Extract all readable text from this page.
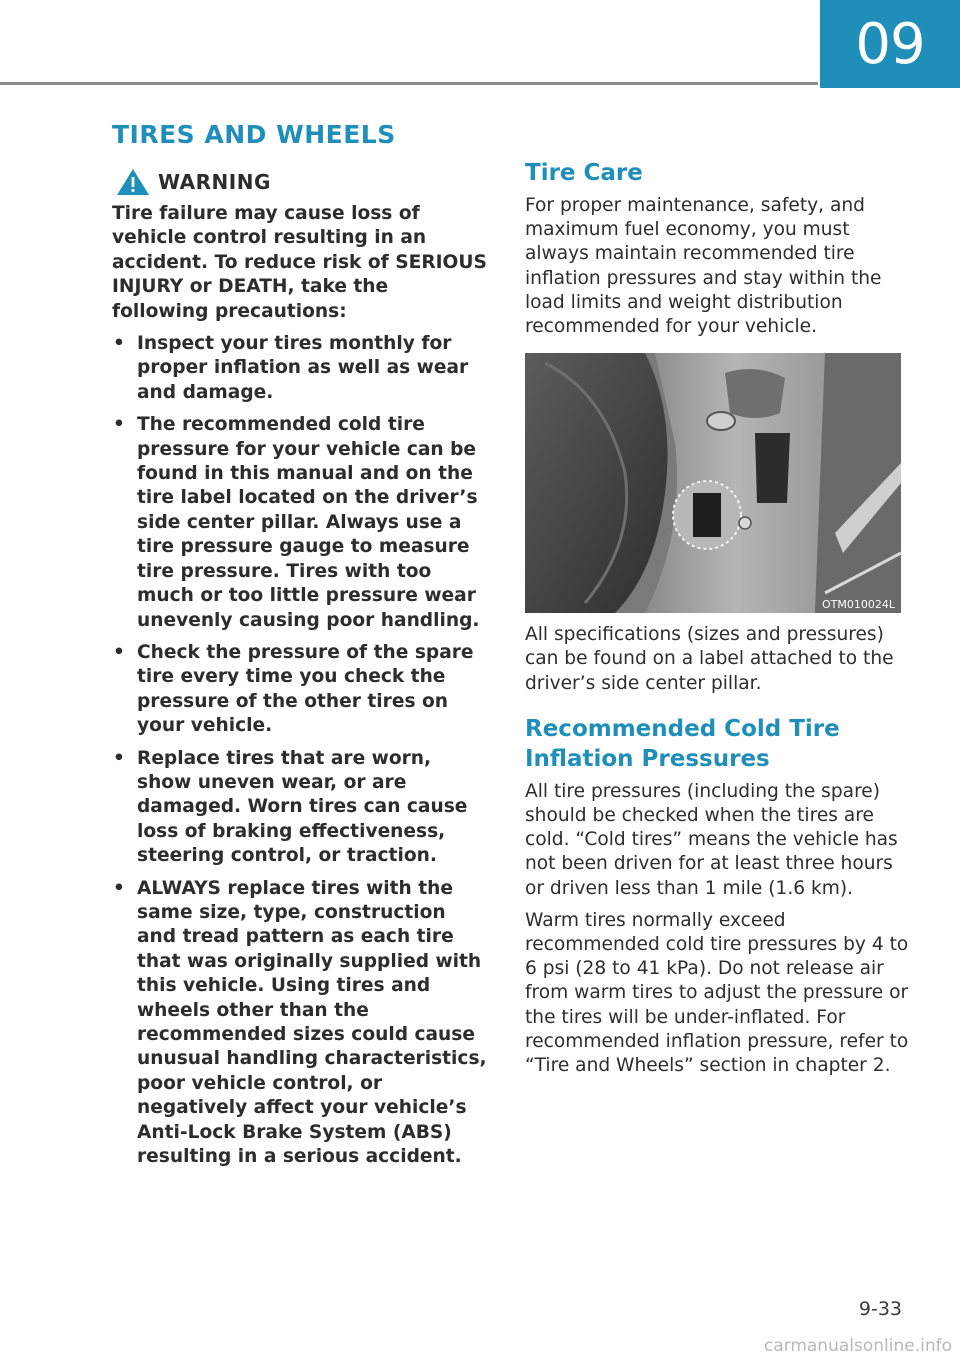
09
TIRES AND WHEELS
WARNING

Tire failure may cause loss of vehicle control resulting in an accident. To reduce risk of SERIOUS INJURY or DEATH, take the following precautions:

• Inspect your tires monthly for proper inflation as well as wear and damage.
• The recommended cold tire pressure for your vehicle can be found in this manual and on the tire label located on the driver’s side center pillar. Always use a tire pressure gauge to measure tire pressure. Tires with too much or too little pressure wear unevenly causing poor handling.
• Check the pressure of the spare tire every time you check the pressure of the other tires on your vehicle.
• Replace tires that are worn, show uneven wear, or are damaged. Worn tires can cause loss of braking effectiveness, steering control, or traction.
• ALWAYS replace tires with the same size, type, construction and tread pattern as each tire that was originally supplied with this vehicle. Using tires and wheels other than the recommended sizes could cause unusual handling characteristics, poor vehicle control, or negatively affect your vehicle’s Anti-Lock Brake System (ABS) resulting in a serious accident.
Tire Care

For proper maintenance, safety, and maximum fuel economy, you must always maintain recommended tire inflation pressures and stay within the load limits and weight distribution recommended for your vehicle.

OTM010024L

All specifications (sizes and pressures) can be found on a label attached to the driver’s side center pillar.

Recommended Cold Tire Inflation Pressures

All tire pressures (including the spare) should be checked when the tires are cold. “Cold tires” means the vehicle has not been driven for at least three hours or driven less than 1 mile (1.6 km).

Warm tires normally exceed recommended cold tire pressures by 4 to 6 psi (28 to 41 kPa). Do not release air from warm tires to adjust the pressure or the tires will be under-inflated. For recommended inflation pressure, refer to “Tire and Wheels” section in chapter 2.

9-33
carmanualsonline.info
